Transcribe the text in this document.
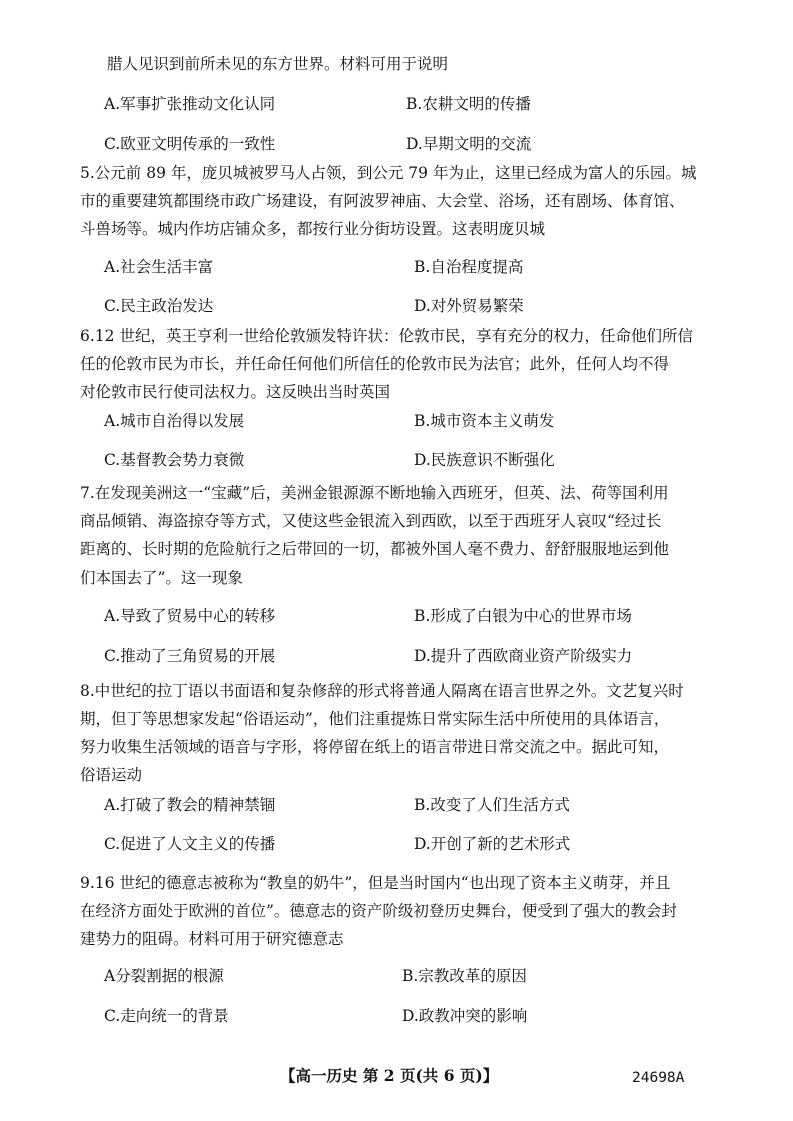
腊人见识到前所未见的东方世界。材料可用于说明
A.军事扩张推动文化认同	B.农耕文明的传播
C.欧亚文明传承的一致性	D.早期文明的交流
5.公元前 89 年，庞贝城被罗马人占领，到公元 79 年为止，这里已经成为富人的乐园。城
市的重要建筑都围绕市政广场建设，有阿波罗神庙、大会堂、浴场，还有剧场、体育馆、
斗兽场等。城内作坊店铺众多，都按行业分街坊设置。这表明庞贝城
A.社会生活丰富	B.自治程度提高
C.民主政治发达	D.对外贸易繁荣
6.12 世纪，英王亨利一世给伦敦颁发特许状：伦敦市民，享有充分的权力，任命他们所信
任的伦敦市民为市长，并任命任何他们所信任的伦敦市民为法官；此外，任何人均不得
对伦敦市民行使司法权力。这反映出当时英国
A.城市自治得以发展	B.城市资本主义萌发
C.基督教会势力衰微	D.民族意识不断强化
7.在发现美洲这一“宝藏”后，美洲金银源源不断地输入西班牙，但英、法、荷等国利用
商品倾销、海盗掠夺等方式，又使这些金银流入到西欧，以至于西班牙人哀叹“经过长
距离的、长时期的危险航行之后带回的一切，都被外国人毫不费力、舒舒服服地运到他
们本国去了”。这一现象
A.导致了贸易中心的转移	B.形成了白银为中心的世界市场
C.推动了三角贸易的开展	D.提升了西欧商业资产阶级实力
8.中世纪的拉丁语以书面语和复杂修辞的形式将普通人隔离在语言世界之外。文艺复兴时
期，但丁等思想家发起“俗语运动”，他们注重提炼日常实际生活中所使用的具体语言，
努力收集生活领域的语音与字形，将停留在纸上的语言带进日常交流之中。据此可知，
俗语运动
A.打破了教会的精神禁锢	B.改变了人们生活方式
C.促进了人文主义的传播	D.开创了新的艺术形式
9.16 世纪的德意志被称为“教皇的奶牛”，但是当时国内“也出现了资本主义萌芽，并且
在经济方面处于欧洲的首位”。德意志的资产阶级初登历史舞台，便受到了强大的教会封
建势力的阻碍。材料可用于研究德意志
A分裂割据的根源	B.宗教改革的原因
C.走向统一的背景	D.政教冲突的影响
【高一历史 第 2 页(共 6 页)】	24698A
